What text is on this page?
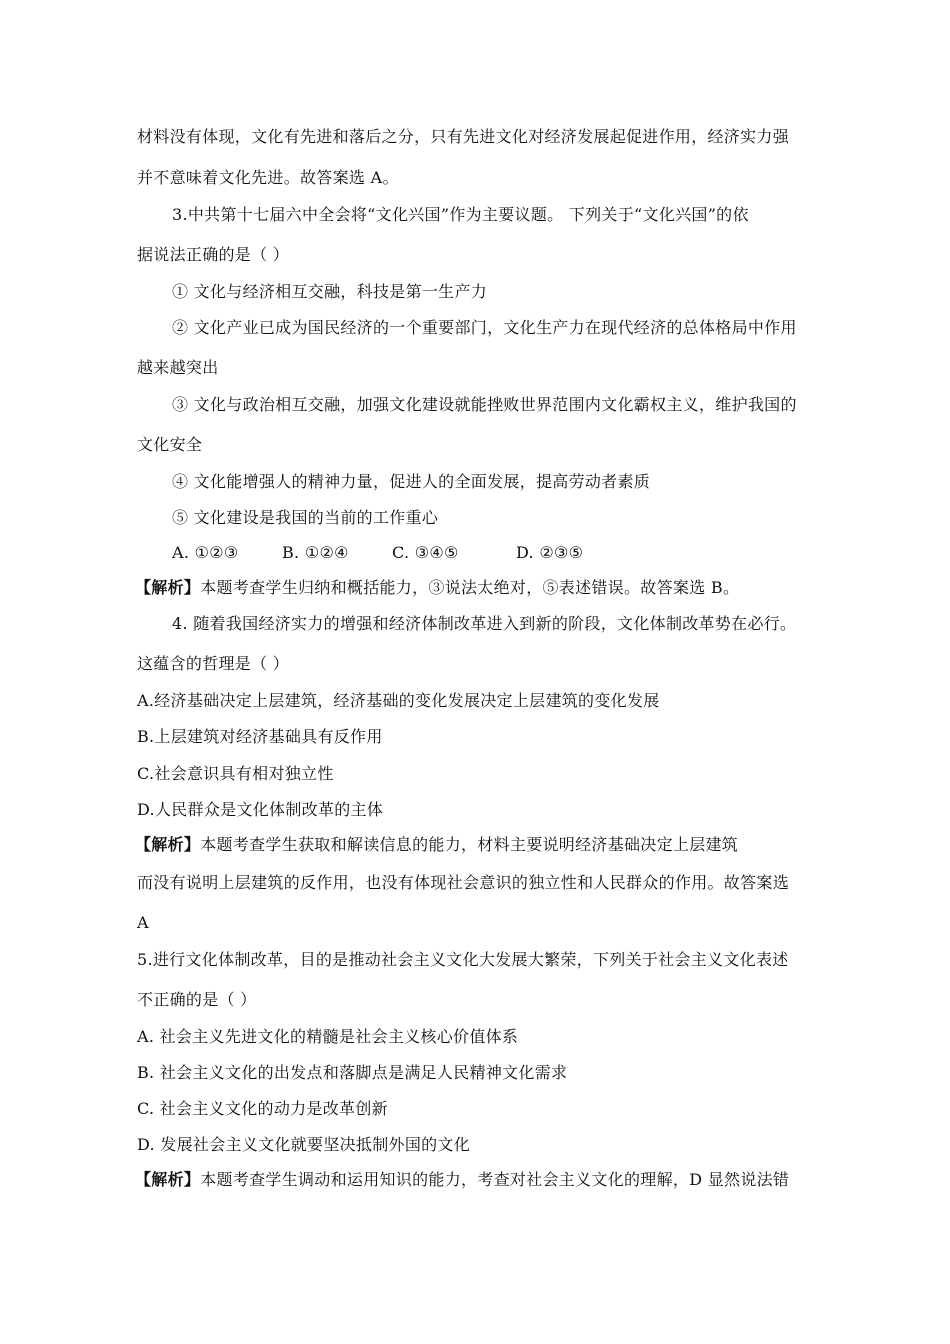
材料没有体现，文化有先进和落后之分，只有先进文化对经济发展起促进作用，经济实力强
并不意味着文化先进。故答案选 A。
3.中共第十七届六中全会将“文化兴国”作为主要议题。 下列关于“文化兴国”的依
据说法正确的是（ ）
① 文化与经济相互交融，科技是第一生产力
② 文化产业已成为国民经济的一个重要部门，文化生产力在现代经济的总体格局中作用
越来越突出
③ 文化与政治相互交融，加强文化建设就能挫败世界范围内文化霸权主义，维护我国的
文化安全
④ 文化能增强人的精神力量，促进人的全面发展，提高劳动者素质
⑤ 文化建设是我国的当前的工作重心
A. ①②③	B. ①②④	C. ③④⑤	D. ②③⑤
【解析】本题考查学生归纳和概括能力，③说法太绝对，⑤表述错误。故答案选 B。
4. 随着我国经济实力的增强和经济体制改革进入到新的阶段，文化体制改革势在必行。
这蕴含的哲理是（ ）
A.经济基础决定上层建筑，经济基础的变化发展决定上层建筑的变化发展
B.上层建筑对经济基础具有反作用
C.社会意识具有相对独立性
D.人民群众是文化体制改革的主体
【解析】本题考查学生获取和解读信息的能力，材料主要说明经济基础决定上层建筑
而没有说明上层建筑的反作用，也没有体现社会意识的独立性和人民群众的作用。故答案选
A
5.进行文化体制改革，目的是推动社会主义文化大发展大繁荣，下列关于社会主义文化表述
不正确的是（ ）
A. 社会主义先进文化的精髓是社会主义核心价值体系
B. 社会主义文化的出发点和落脚点是满足人民精神文化需求
C. 社会主义文化的动力是改革创新
D. 发展社会主义文化就要坚决抵制外国的文化
【解析】本题考查学生调动和运用知识的能力，考查对社会主义文化的理解，D 显然说法错
